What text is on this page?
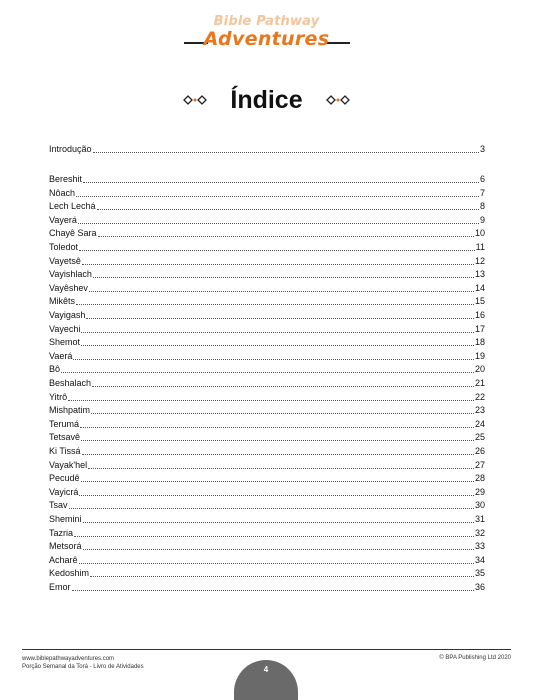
Bible Pathway
Adventures
Índice
Introdução	3
Bereshit	6
Nôach	7
Lech Lechá	8
Vayerá	9
Chayê Sara	10
Toledot	11
Vayetsê	12
Vayishlach	13
Vayêshev	14
Mikêts	15
Vayigash	16
Vayechi	17
Shemot	18
Vaerá	19
Bô	20
Beshalach	21
Yitrô	22
Mishpatim	23
Terumá	24
Tetsavê	25
Ki Tissá	26
Vayak'hel	27
Pecudê	28
Vayicrá	29
Tsav	30
Shemini	31
Tazria	32
Metsorá	33
Acharê	34
Kedoshim	35
Emor	36
www.biblepathwayadventures.com
Porção Semanal da Torá - Livro de Atividades
© BPA Publishing Ltd 2020
4
